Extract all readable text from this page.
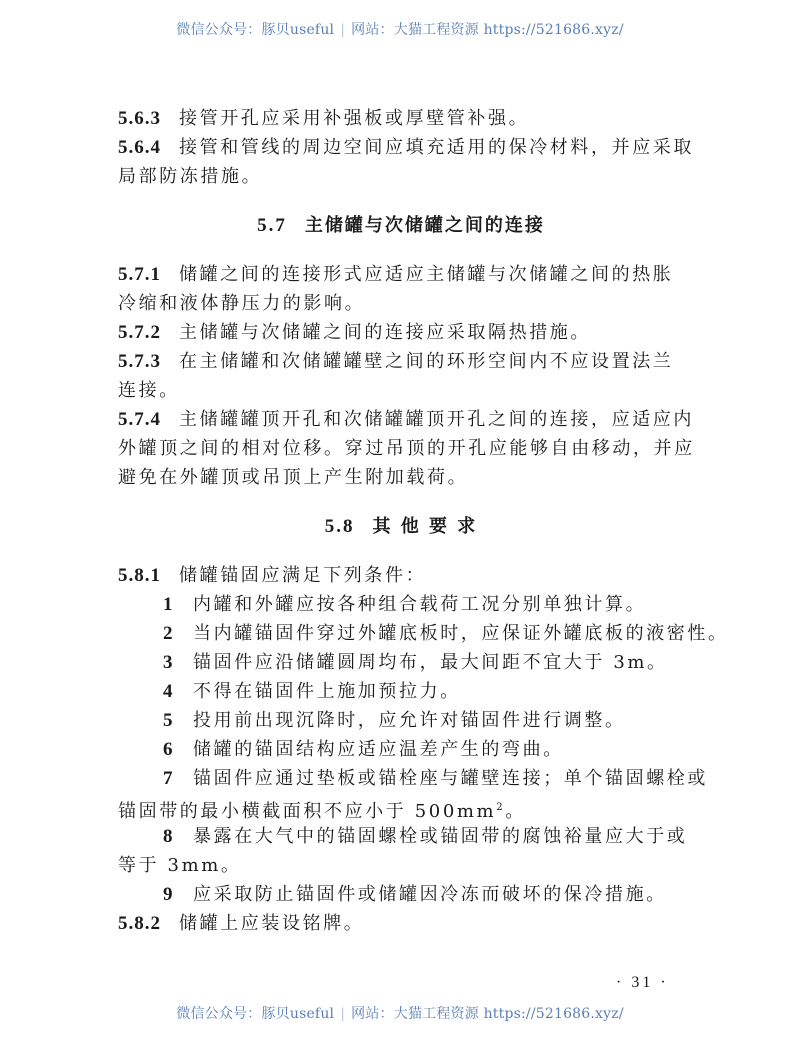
微信公众号：豚贝useful | 网站：大猫工程资源 https://521686.xyz/
5.6.3 接管开孔应采用补强板或厚壁管补强。
5.6.4 接管和管线的周边空间应填充适用的保冷材料，并应采取
局部防冻措施。
5.7 主储罐与次储罐之间的连接
5.7.1 储罐之间的连接形式应适应主储罐与次储罐之间的热胀
冷缩和液体静压力的影响。
5.7.2 主储罐与次储罐之间的连接应采取隔热措施。
5.7.3 在主储罐和次储罐罐壁之间的环形空间内不应设置法兰
连接。
5.7.4 主储罐罐顶开孔和次储罐罐顶开孔之间的连接，应适应内
外罐顶之间的相对位移。穿过吊顶的开孔应能够自由移动，并应
避免在外罐顶或吊顶上产生附加载荷。
5.8 其 他 要 求
5.8.1 储罐锚固应满足下列条件：
1 内罐和外罐应按各种组合载荷工况分别单独计算。
2 当内罐锚固件穿过外罐底板时，应保证外罐底板的液密性。
3 锚固件应沿储罐圆周均布，最大间距不宜大于 3m。
4 不得在锚固件上施加预拉力。
5 投用前出现沉降时，应允许对锚固件进行调整。
6 储罐的锚固结构应适应温差产生的弯曲。
7 锚固件应通过垫板或锚栓座与罐壁连接；单个锚固螺栓或
锚固带的最小横截面积不应小于 $500mm^2$。
8 暴露在大气中的锚固螺栓或锚固带的腐蚀裕量应大于或
等于 3mm。
9 应采取防止锚固件或储罐因冷冻而破坏的保冷措施。
5.8.2 储罐上应装设铭牌。
· 31 ·
微信公众号：豚贝useful | 网站：大猫工程资源 https://521686.xyz/
